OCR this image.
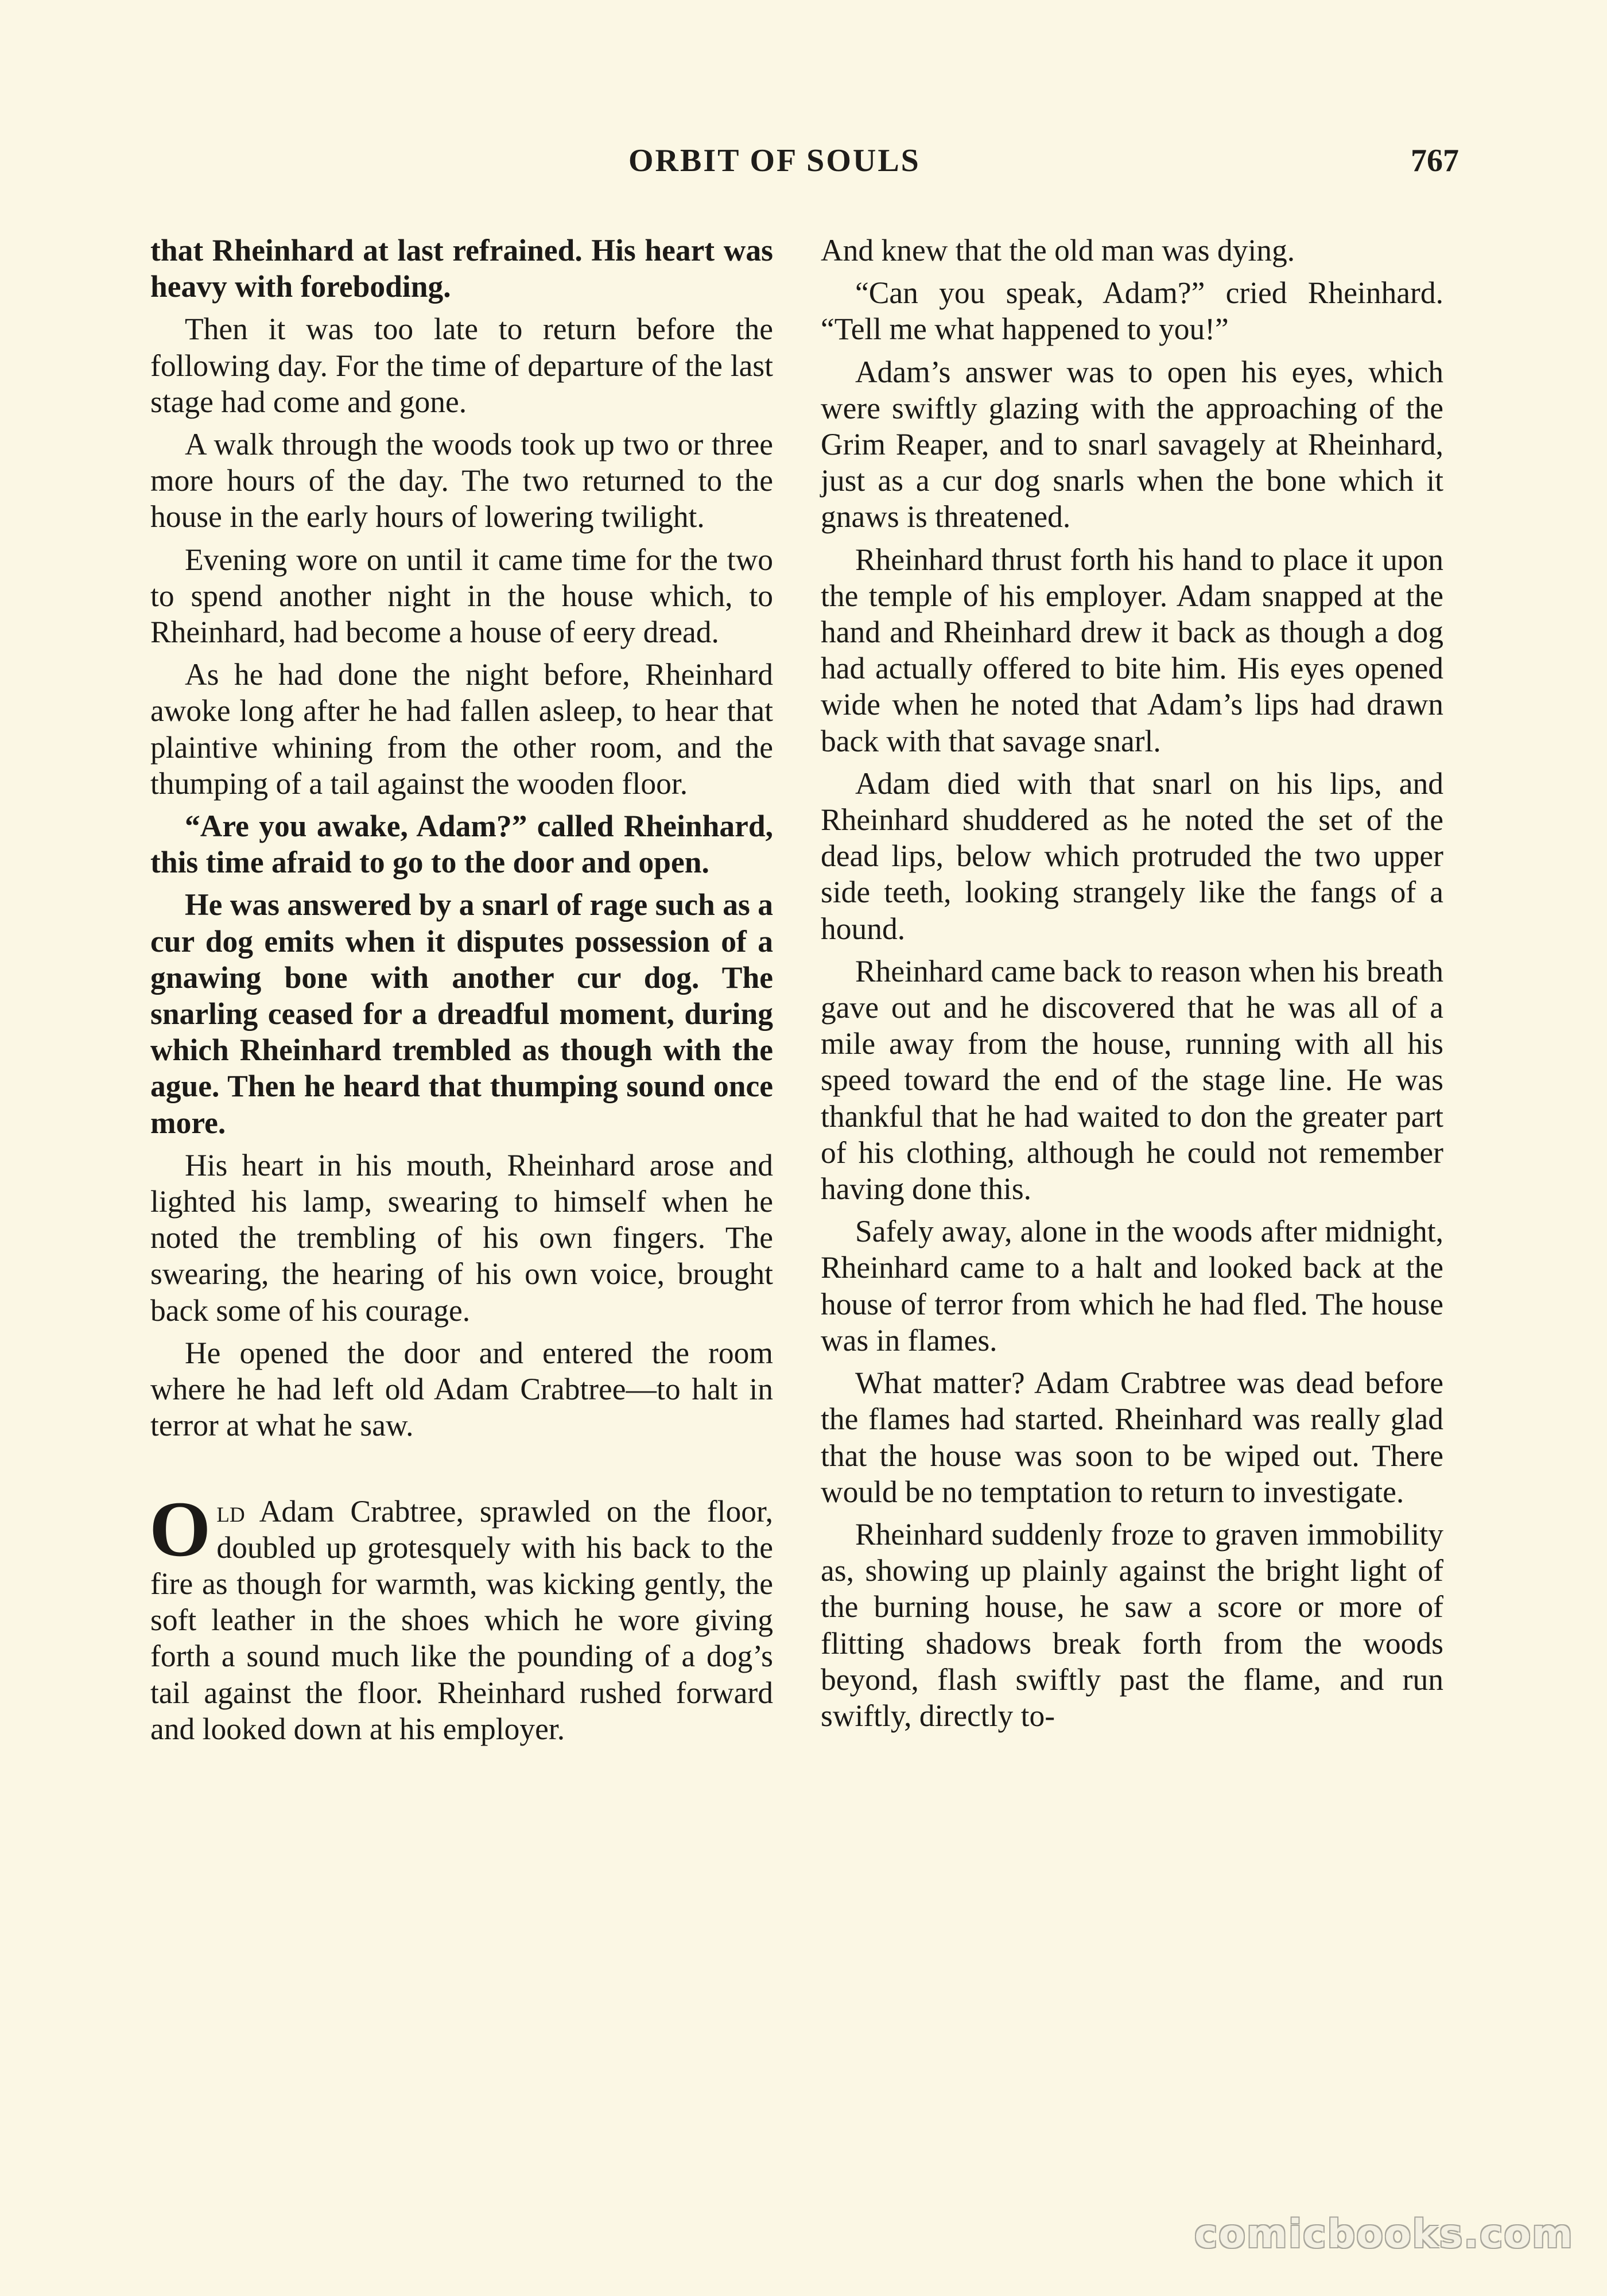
ORBIT OF SOULS	767

that Rheinhard at last refrained. His heart was heavy with foreboding.

Then it was too late to return before the following day. For the time of departure of the last stage had come and gone.

A walk through the woods took up two or three more hours of the day. The two returned to the house in the early hours of lowering twilight.

Evening wore on until it came time for the two to spend another night in the house which, to Rheinhard, had become a house of eery dread.

As he had done the night before, Rheinhard awoke long after he had fallen asleep, to hear that plaintive whining from the other room, and the thumping of a tail against the wooden floor.

“Are you awake, Adam?” called Rheinhard, this time afraid to go to the door and open.

He was answered by a snarl of rage such as a cur dog emits when it disputes possession of a gnawing bone with another cur dog. The snarling ceased for a dreadful moment, during which Rheinhard trembled as though with the ague. Then he heard that thumping sound once more.

His heart in his mouth, Rheinhard arose and lighted his lamp, swearing to himself when he noted the trembling of his own fingers. The swearing, the hearing of his own voice, brought back some of his courage.

He opened the door and entered the room where he had left old Adam Crabtree—to halt in terror at what he saw.

Old Adam Crabtree, sprawled on the floor, doubled up grotesquely with his back to the fire as though for warmth, was kicking gently, the soft leather in the shoes which he wore giving forth a sound much like the pounding of a dog’s tail against the floor. Rheinhard rushed forward and looked down at his employer.

And knew that the old man was dying.

“Can you speak, Adam?” cried Rheinhard. “Tell me what happened to you!”

Adam’s answer was to open his eyes, which were swiftly glazing with the approaching of the Grim Reaper, and to snarl savagely at Rheinhard, just as a cur dog snarls when the bone which it gnaws is threatened.

Rheinhard thrust forth his hand to place it upon the temple of his employer. Adam snapped at the hand and Rheinhard drew it back as though a dog had actually offered to bite him. His eyes opened wide when he noted that Adam’s lips had drawn back with that savage snarl.

Adam died with that snarl on his lips, and Rheinhard shuddered as he noted the set of the dead lips, below which protruded the two upper side teeth, looking strangely like the fangs of a hound.

Rheinhard came back to reason when his breath gave out and he discovered that he was all of a mile away from the house, running with all his speed toward the end of the stage line. He was thankful that he had waited to don the greater part of his clothing, although he could not remember having done this.

Safely away, alone in the woods after midnight, Rheinhard came to a halt and looked back at the house of terror from which he had fled. The house was in flames.

What matter? Adam Crabtree was dead before the flames had started. Rheinhard was really glad that the house was soon to be wiped out. There would be no temptation to return to investigate.

Rheinhard suddenly froze to graven immobility as, showing up plainly against the bright light of the burning house, he saw a score or more of flitting shadows break forth from the woods beyond, flash swiftly past the flame, and run swiftly, directly to-

comicbooks.com
